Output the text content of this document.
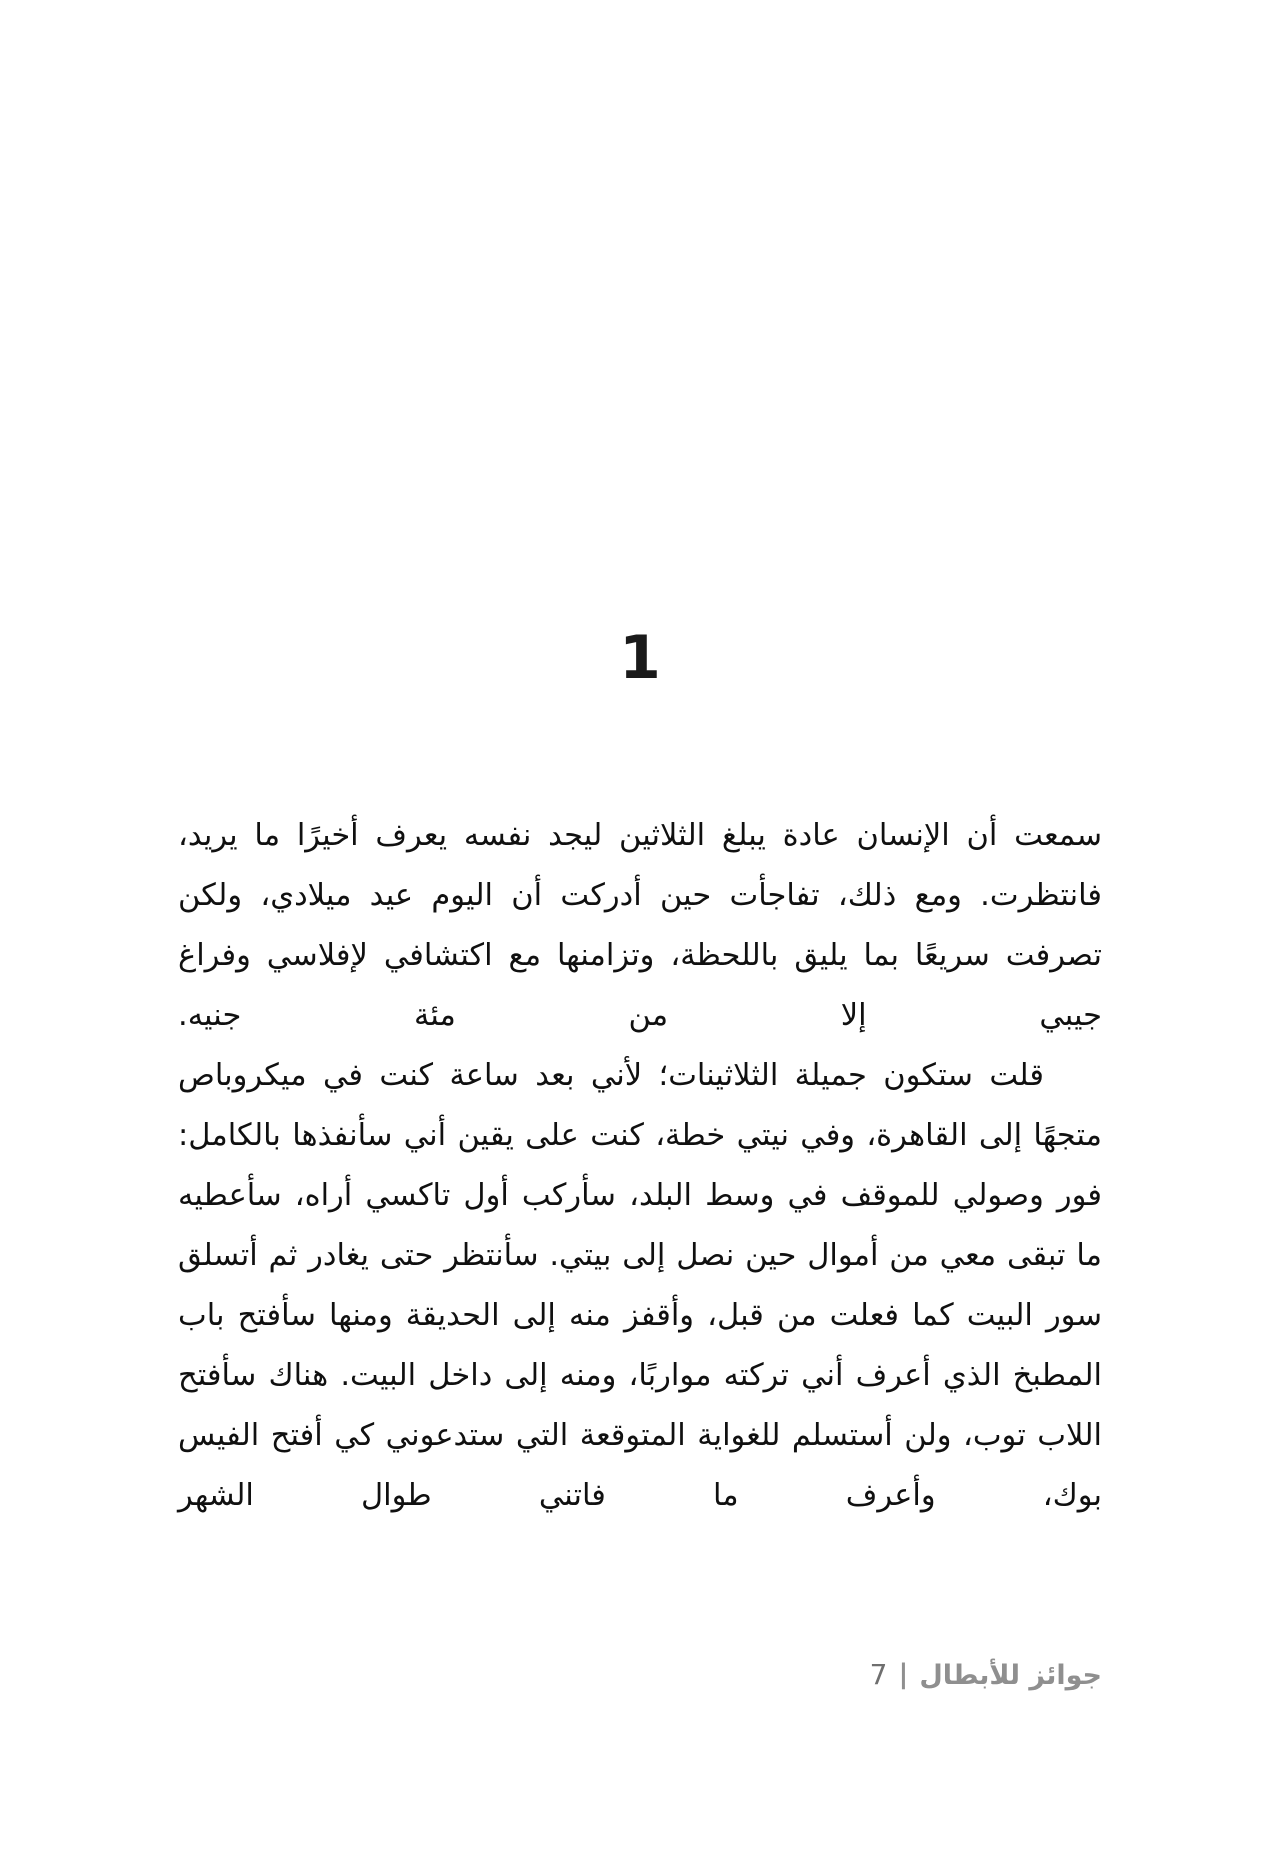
1

سمعت أن الإنسان عادة يبلغ الثلاثين ليجد نفسه يعرف أخيرًا ما يريد، فانتظرت. ومع ذلك، تفاجأت حين أدركت أن اليوم عيد ميلادي، ولكن تصرفت سريعًا بما يليق باللحظة، وتزامنها مع اكتشافي لإفلاسي وفراغ جيبي إلا من مئة جنيه.

قلت ستكون جميلة الثلاثينات؛ لأني بعد ساعة كنت في ميكروباص متجهًا إلى القاهرة، وفي نيتي خطة، كنت على يقين أني سأنفذها بالكامل: فور وصولي للموقف في وسط البلد، سأركب أول تاكسي أراه، سأعطيه ما تبقى معي من أموال حين نصل إلى بيتي. سأنتظر حتى يغادر ثم أتسلق سور البيت كما فعلت من قبل، وأقفز منه إلى الحديقة ومنها سأفتح باب المطبخ الذي أعرف أني تركته مواربًا، ومنه إلى داخل البيت. هناك سأفتح اللاب توب، ولن أستسلم للغواية المتوقعة التي ستدعوني كي أفتح الفيس بوك، وأعرف ما فاتني طوال الشهر

جوائز للأبطال
|
7
